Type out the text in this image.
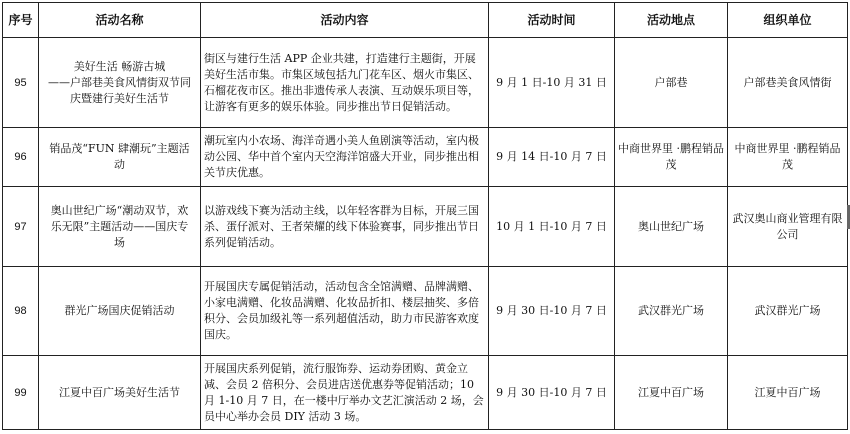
序号	活动名称	活动内容	活动时间	活动地点	组织单位
95	美好生活 畅游古城
——户部巷美食风情街双节同
庆暨建行美好生活节	街区与建行生活 APP 企业共建，打造建行主题街，开展美好生活市集。市集区域包括九门花车区、烟火市集区、石榴花夜市区。推出非遗传承人表演、互动娱乐项目等，让游客有更多的娱乐体验。同步推出节日促销活动。	9 月 1 日-10 月 31 日	户部巷	户部巷美食风情街
96	销品茂“FUN 肆潮玩”主题活
动	潮玩室内小农场、海洋奇遇小美人鱼剧演等活动，室内极动公园、华中首个室内天空海洋馆盛大开业，同步推出相关节庆优惠。	9 月 14 日-10 月 7 日	中商世界里 ·鹏程销品茂	中商世界里 ·鹏程销品茂
97	奥山世纪广场“潮动双节，欢
乐无限”主题活动——国庆专
场	以游戏线下赛为活动主线，以年轻客群为目标，开展三国杀、蛋仔派对、王者荣耀的线下体验赛事，同步推出节日系列促销活动。	10 月 1 日-10 月 7 日	奥山世纪广场	武汉奥山商业管理有限公司
98	群光广场国庆促销活动	开展国庆专属促销活动，活动包含全馆满赠、品牌满赠、小家电满赠、化妆品满赠、化妆品折扣、楼层抽奖、多倍积分、会员加级礼等一系列超值活动，助力市民游客欢度国庆。	9 月 30 日-10 月 7 日	武汉群光广场	武汉群光广场
99	江夏中百广场美好生活节	开展国庆系列促销，流行服饰券、运动券团购、黄金立减、会员 2 倍积分、会员进店送优惠券等促销活动；10 月 1-10 月 7 日，在一楼中厅举办文艺汇演活动 2 场，会员中心举办会员 DIY 活动 3 场。	9 月 30 日-10 月 7 日	江夏中百广场	江夏中百广场
